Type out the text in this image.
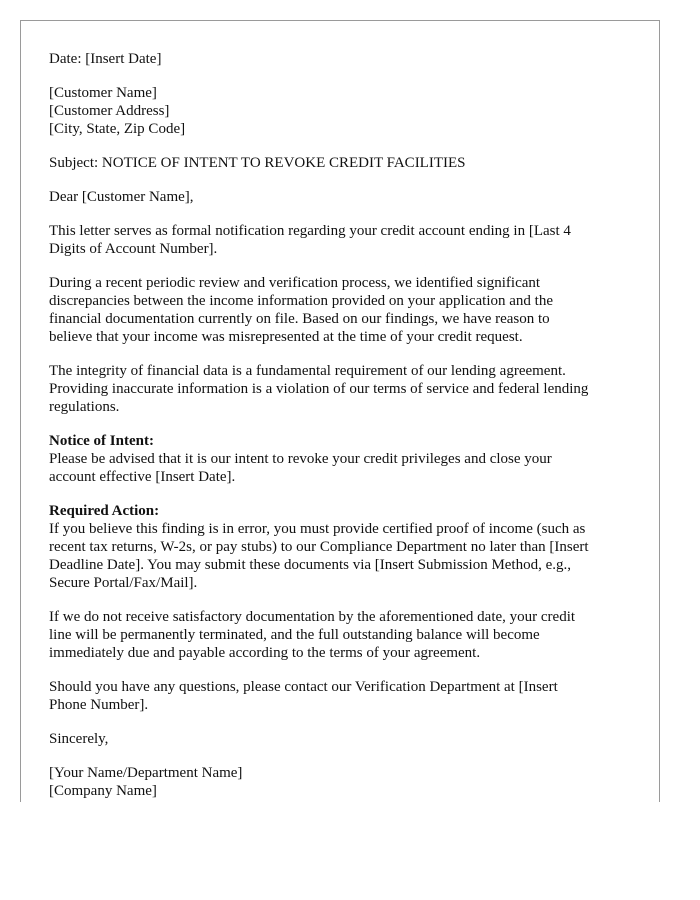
Date: [Insert Date]
[Customer Name]
[Customer Address]
[City, State, Zip Code]
Subject: NOTICE OF INTENT TO REVOKE CREDIT FACILITIES
Dear [Customer Name],
This letter serves as formal notification regarding your credit account ending in [Last 4
Digits of Account Number].
During a recent periodic review and verification process, we identified significant
discrepancies between the income information provided on your application and the
financial documentation currently on file. Based on our findings, we have reason to
believe that your income was misrepresented at the time of your credit request.
The integrity of financial data is a fundamental requirement of our lending agreement.
Providing inaccurate information is a violation of our terms of service and federal lending
regulations.
Notice of Intent:
Please be advised that it is our intent to revoke your credit privileges and close your
account effective [Insert Date].
Required Action:
If you believe this finding is in error, you must provide certified proof of income (such as
recent tax returns, W-2s, or pay stubs) to our Compliance Department no later than [Insert
Deadline Date]. You may submit these documents via [Insert Submission Method, e.g.,
Secure Portal/Fax/Mail].
If we do not receive satisfactory documentation by the aforementioned date, your credit
line will be permanently terminated, and the full outstanding balance will become
immediately due and payable according to the terms of your agreement.
Should you have any questions, please contact our Verification Department at [Insert
Phone Number].
Sincerely,
[Your Name/Department Name]
[Company Name]
